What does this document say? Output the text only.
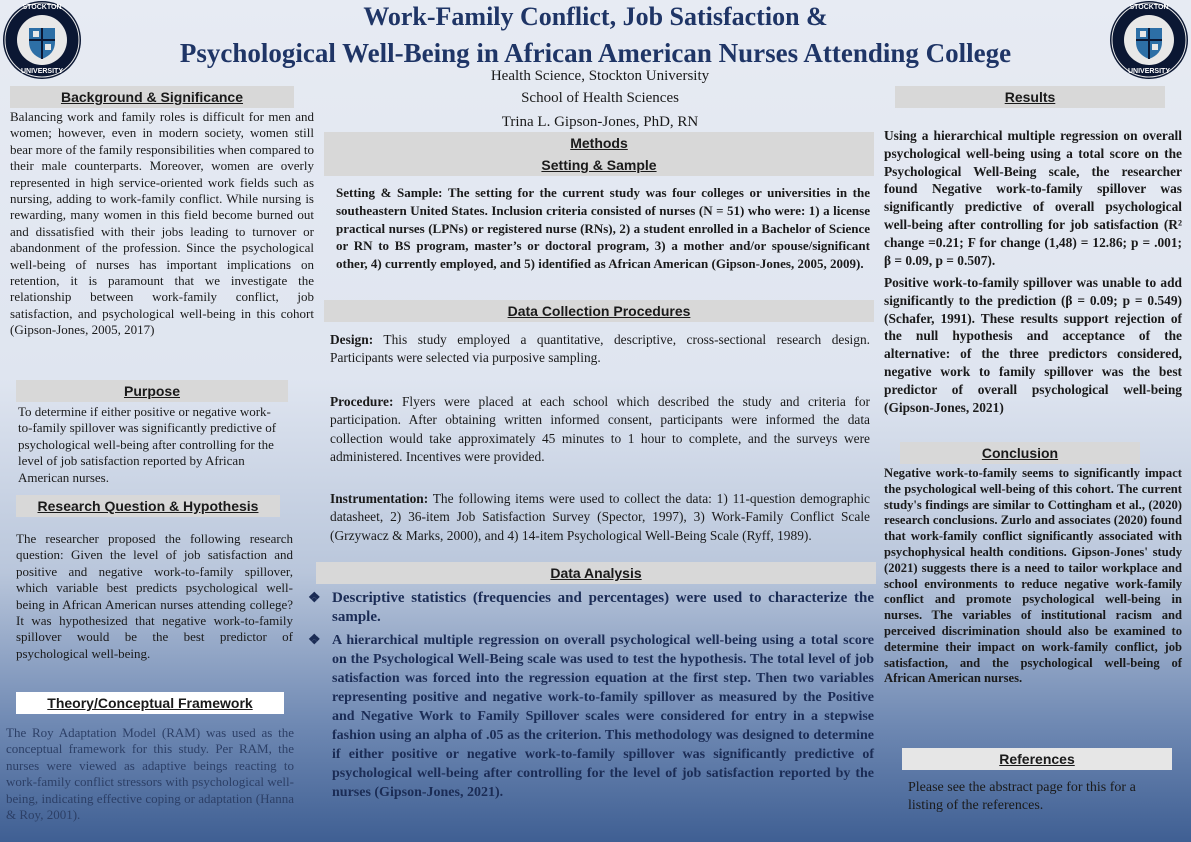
STOCKTON
UNIVERSITY
STOCKTON
UNIVERSITY
Work-Family Conflict, Job Satisfaction &
Psychological Well-Being in African American Nurses Attending College

Health Science, Stockton University

School of Health Sciences

Trina L. Gipson-Jones, PhD, RN

Background & Significance

Balancing work and family roles is difficult for men and women; however, even in modern society, women still bear more of the family responsibilities when compared to their male counterparts. Moreover, women are overly represented in high service-oriented work fields such as nursing, adding to work-family conflict. While nursing is rewarding, many women in this field become burned out and dissatisfied with their jobs leading to turnover or abandonment of the profession. Since the psychological well-being of nurses has important implications on retention, it is paramount that we investigate the relationship between work-family conflict, job satisfaction, and psychological well-being in this cohort (Gipson-Jones, 2005, 2017)

Purpose

To determine if either positive or negative work-to-family spillover was significantly predictive of psychological well-being after controlling for the level of job satisfaction reported by African American nurses.

Research Question & Hypothesis

The researcher proposed the following research question: Given the level of job satisfaction and positive and negative work-to-family spillover, which variable best predicts psychological well-being in African American nurses attending college? It was hypothesized that negative work-to-family spillover would be the best predictor of psychological well-being.

Theory/Conceptual Framework

The Roy Adaptation Model (RAM) was used as the conceptual framework for this study. Per RAM, the nurses were viewed as adaptive beings reacting to work-family conflict stressors with psychological well-being, indicating effective coping or adaptation (Hanna & Roy, 2001).

Methods
Setting & Sample

Setting & Sample: The setting for the current study was four colleges or universities in the southeastern United States. Inclusion criteria consisted of nurses (N = 51) who were: 1) a license practical nurses (LPNs) or registered nurse (RNs), 2) a student enrolled in a Bachelor of Science or RN to BS program, master’s or doctoral program, 3) a mother and/or spouse/significant other, 4) currently employed, and 5) identified as African American (Gipson-Jones, 2005, 2009).

Data Collection Procedures

Design: This study employed a quantitative, descriptive, cross-sectional research design. Participants were selected via purposive sampling.

Procedure: Flyers were placed at each school which described the study and criteria for participation. After obtaining written informed consent, participants were informed the data collection would take approximately 45 minutes to 1 hour to complete, and the surveys were administered. Incentives were provided.

Instrumentation: The following items were used to collect the data: 1) 11-question demographic datasheet, 2) 36-item Job Satisfaction Survey (Spector, 1997), 3) Work-Family Conflict Scale (Grzywacz & Marks, 2000), and 4) 14-item Psychological Well-Being Scale (Ryff, 1989).

Data Analysis
❖ Descriptive statistics (frequencies and percentages) were used to characterize the sample.
❖ A hierarchical multiple regression on overall psychological well-being using a total score on the Psychological Well-Being scale was used to test the hypothesis. The total level of job satisfaction was forced into the regression equation at the first step. Then two variables representing positive and negative work-to-family spillover as measured by the Positive and Negative Work to Family Spillover scales were considered for entry in a stepwise fashion using an alpha of .05 as the criterion. This methodology was designed to determine if either positive or negative work-to-family spillover was significantly predictive of psychological well-being after controlling for the level of job satisfaction reported by the nurses (Gipson-Jones, 2021).
Results

Using a hierarchical multiple regression on overall psychological well-being using a total score on the Psychological Well-Being scale, the researcher found Negative work-to-family spillover was significantly predictive of overall psychological well-being after controlling for job satisfaction (R² change =0.21; F for change (1,48) = 12.86; p = .001; β = 0.09, p = 0.507).

Positive work-to-family spillover was unable to add significantly to the prediction (β = 0.09; p = 0.549) (Schafer, 1991). These results support rejection of the null hypothesis and acceptance of the alternative: of the three predictors considered, negative work to family spillover was the best predictor of overall psychological well-being (Gipson-Jones, 2021)

Conclusion

Negative work-to-family seems to significantly impact the psychological well-being of this cohort. The current study's findings are similar to Cottingham et al., (2020) research conclusions. Zurlo and associates (2020) found that work-family conflict significantly associated with psychophysical health conditions. Gipson-Jones' study (2021) suggests there is a need to tailor workplace and school environments to reduce negative work-family conflict and promote psychological well-being in nurses. The variables of institutional racism and perceived discrimination should also be examined to determine their impact on work-family conflict, job satisfaction, and the psychological well-being of African American nurses.

References

Please see the abstract page for this for a listing of the references.
